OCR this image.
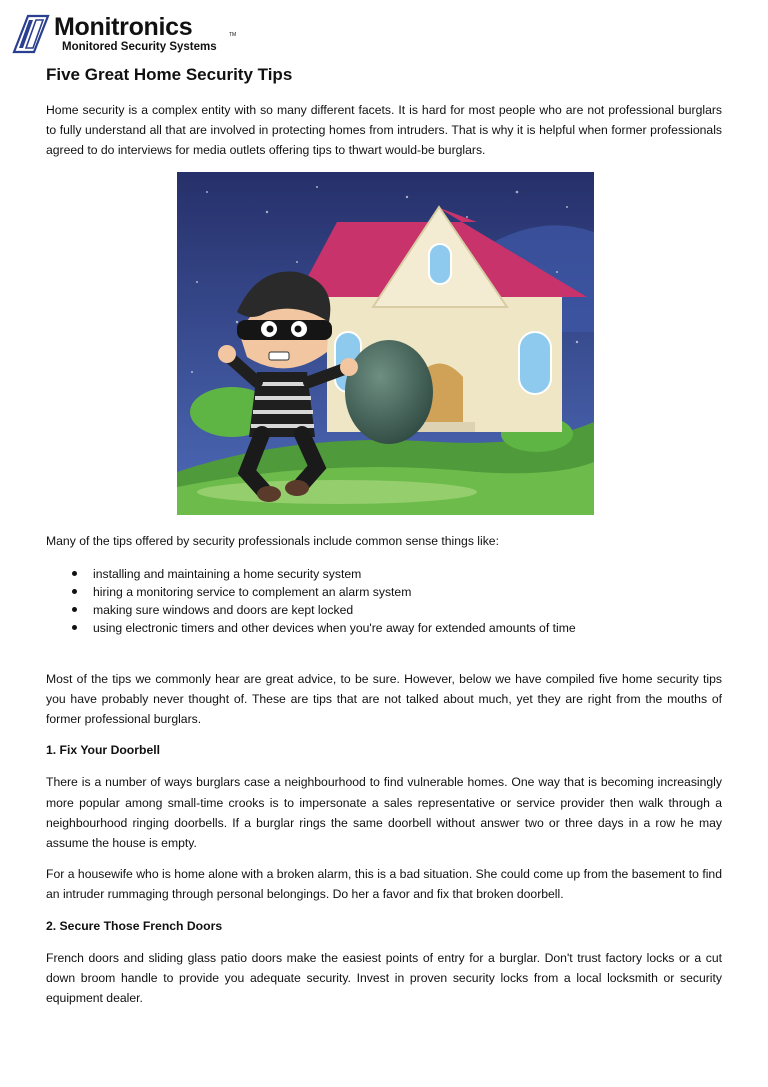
Monitronics	TM
Monitored Security Systems
Five Great Home Security Tips

Home security is a complex entity with so many different facets. It is hard for most people who are not professional burglars to fully understand all that are involved in protecting homes from intruders. That is why it is helpful when former professionals agreed to do interviews for media outlets offering tips to thwart would-be burglars.

Many of the tips offered by security professionals include common sense things like:

installing and maintaining a home security system
hiring a monitoring service to complement an alarm system
making sure windows and doors are kept locked
using electronic timers and other devices when you're away for extended amounts of time

Most of the tips we commonly hear are great advice, to be sure. However, below we have compiled five home security tips you have probably never thought of. These are tips that are not talked about much, yet they are right from the mouths of former professional burglars.

1. Fix Your Doorbell

There is a number of ways burglars case a neighbourhood to find vulnerable homes. One way that is becoming increasingly more popular among small-time crooks is to impersonate a sales representative or service provider then walk through a neighbourhood ringing doorbells. If a burglar rings the same doorbell without answer two or three days in a row he may assume the house is empty.

For a housewife who is home alone with a broken alarm, this is a bad situation. She could come up from the basement to find an intruder rummaging through personal belongings. Do her a favor and fix that broken doorbell.

2. Secure Those French Doors

French doors and sliding glass patio doors make the easiest points of entry for a burglar. Don't trust factory locks or a cut down broom handle to provide you adequate security. Invest in proven security locks from a local locksmith or security equipment dealer.
